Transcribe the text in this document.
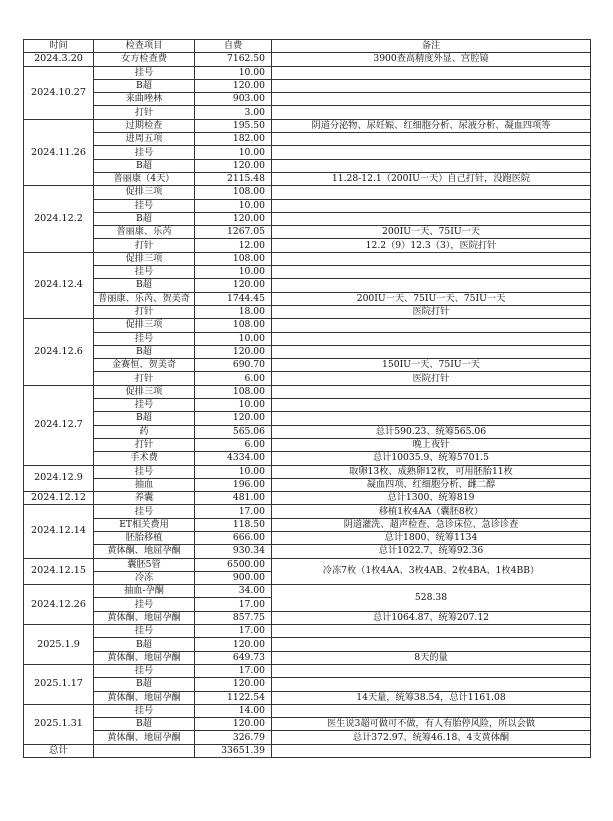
时间	检查项目	自费	备注
2024.3.20	女方检查费	7162.50	3900查高精度外显、宫腔镜
2024.10.27	挂号	10.00	
	B超	120.00	
	来曲唑林	903.00	
	打针	3.00	
2024.11.26	过期检查	195.50	阴道分泌物、尿妊娠、红细胞分析、尿液分析、凝血四项等
	进周五项	182.00	
	挂号	10.00	
	B超	120.00	
	普丽康（4天）	2115.48	11.28-12.1（200IU一天）自己打针，没跑医院
2024.12.2	促排三项	108.00	
	挂号	10.00	
	B超	120.00	
	普丽康、乐芮	1267.05	200IU一天、75IU一天
	打针	12.00	12.2（9）12.3（3），医院打针
2024.12.4	促排三项	108.00	
	挂号	10.00	
	B超	120.00	
	普丽康、乐芮、贺美奇	1744.45	200IU一天、75IU一天、75IU一天
	打针	18.00	医院打针
2024.12.6	促排三项	108.00	
	挂号	10.00	
	B超	120.00	
	金赛恒、贺美奇	690.70	150IU一天、75IU一天
	打针	6.00	医院打针
2024.12.7	促排三项	108.00	
	挂号	10.00	
	B超	120.00	
	药	565.06	总计590.23、统筹565.06
	打针	6.00	晚上夜针
	手术费	4334.00	总计10035.9、统筹5701.5
2024.12.9	挂号	10.00	取卵13枚、成熟卵12枚，可用胚胎11枚
	抽血	196.00	凝血四项、红细胞分析、雌二醇
2024.12.12	养囊	481.00	总计1300、统筹819
2024.12.14	挂号	17.00	移植1枚4AA（囊胚8枚）
	ET相关费用	118.50	阴道灌洗、超声检查、急诊床位、急诊诊查
	胚胎移植	666.00	总计1800、统筹1134
	黄体酮、地屈孕酮	930.34	总计1022.7、统筹92.36
2024.12.15	囊胚5管	6500.00	冷冻7枚（1枚4AA、3枚4AB、2枚4BA、1枚4BB）
	冷冻	900.00	
2024.12.26	抽血-孕酮	34.00	528.38
	挂号	17.00	
	黄体酮、地屈孕酮	857.75	总计1064.87、统筹207.12
2025.1.9	挂号	17.00	
	B超	120.00	
	黄体酮、地屈孕酮	649.73	8天的量
2025.1.17	挂号	17.00	
	B超	120.00	
	黄体酮、地屈孕酮	1122.54	14天量，统筹38.54，总计1161.08
2025.1.31	挂号	14.00	
	B超	120.00	医生说3超可做可不做，有人有胎停风险，所以会做
	黄体酮、地屈孕酮	326.79	总计372.97、统筹46.18、4支黄体酮
总计		33651.39	
